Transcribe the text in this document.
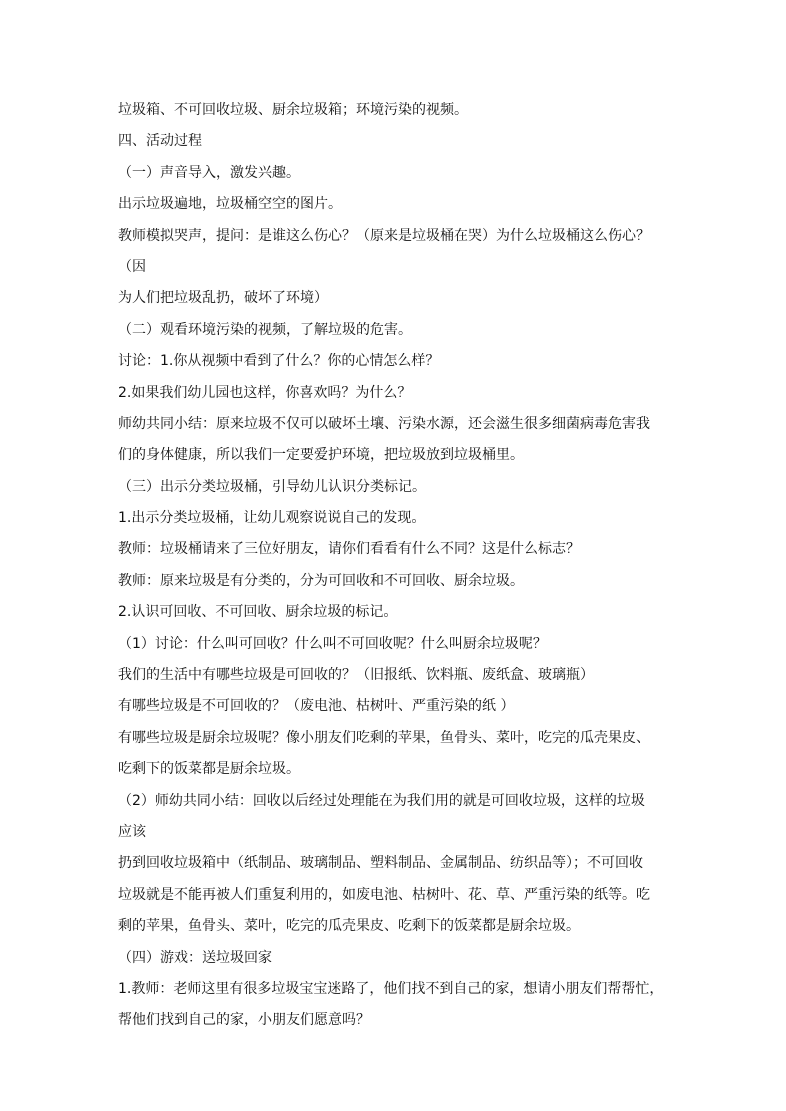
垃圾箱、不可回收垃圾、厨余垃圾箱；环境污染的视频。
四、活动过程
（一）声音导入，激发兴趣。
出示垃圾遍地，垃圾桶空空的图片。
教师模拟哭声，提问：是谁这么伤心？（原来是垃圾桶在哭）为什么垃圾桶这么伤心？
（因
为人们把垃圾乱扔，破坏了环境）
（二）观看环境污染的视频，了解垃圾的危害。
讨论：1.你从视频中看到了什么？你的心情怎么样？
2.如果我们幼儿园也这样，你喜欢吗？为什么？
师幼共同小结：原来垃圾不仅可以破坏土壤、污染水源，还会滋生很多细菌病毒危害我
们的身体健康，所以我们一定要爱护环境，把垃圾放到垃圾桶里。
（三）出示分类垃圾桶，引导幼儿认识分类标记。
1.出示分类垃圾桶，让幼儿观察说说自己的发现。
教师：垃圾桶请来了三位好朋友，请你们看看有什么不同？这是什么标志？
教师：原来垃圾是有分类的，分为可回收和不可回收、厨余垃圾。
2.认识可回收、不可回收、厨余垃圾的标记。
（1）讨论：什么叫可回收？什么叫不可回收呢？什么叫厨余垃圾呢？
我们的生活中有哪些垃圾是可回收的？（旧报纸、饮料瓶、废纸盒、玻璃瓶）
有哪些垃圾是不可回收的？（废电池、枯树叶、严重污染的纸 ）
有哪些垃圾是厨余垃圾呢？像小朋友们吃剩的苹果，鱼骨头、菜叶，吃完的瓜壳果皮、
吃剩下的饭菜都是厨余垃圾。
（2）师幼共同小结：回收以后经过处理能在为我们用的就是可回收垃圾，这样的垃圾
应该
扔到回收垃圾箱中（纸制品、玻璃制品、塑料制品、金属制品、纺织品等）；不可回收
垃圾就是不能再被人们重复利用的，如废电池、枯树叶、花、草、严重污染的纸等。吃
剩的苹果，鱼骨头、菜叶，吃完的瓜壳果皮、吃剩下的饭菜都是厨余垃圾。
（四）游戏：送垃圾回家
1.教师：老师这里有很多垃圾宝宝迷路了，他们找不到自己的家，想请小朋友们帮帮忙，
帮他们找到自己的家，小朋友们愿意吗？
